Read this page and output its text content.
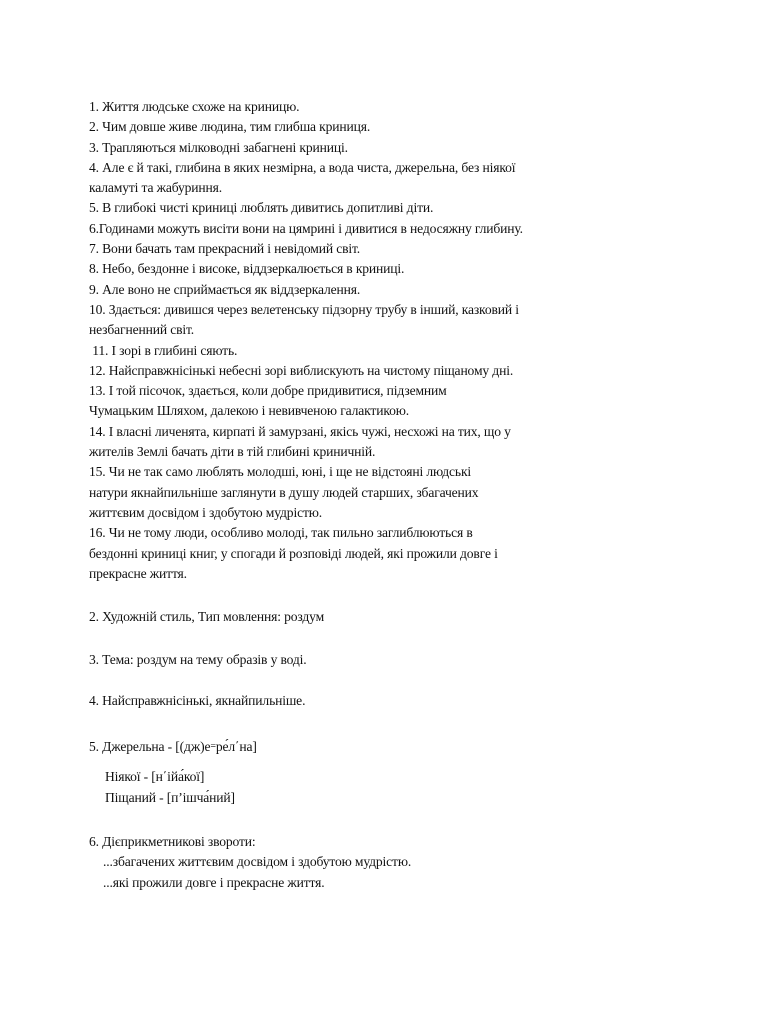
1. Життя людське схоже на криницю.
2. Чим довше живе людина, тим глибша криниця.
3. Трапляються мілководні забагнені криниці.
4. Але є й такі, глибина в яких незмірна, а вода чиста, джерельна, без ніякої
каламуті та жабуриння.
5. В глибокі чисті криниці люблять дивитись допитливі діти.
6.Годинами можуть висіти вони на цямрині і дивитися в недосяжну глибину.
7. Вони бачать там прекрасний і невідомий світ.
8. Небо, бездонне і високе, віддзеркалюється в криниці.
9. Але воно не сприймається як віддзеркалення.
10. Здається: дивишся через велетенську підзорну трубу в інший, казковий і
незбагненний світ.
11. І зорі в глибині сяють.
12. Найсправжнісінькі небесні зорі виблискують на чистому піщаному дні.
13. І той пісочок, здається, коли добре придивитися, підземним
Чумацьким Шляхом, далекою і невивченою галактикою.
14. І власні личенята, кирпаті й замурзані, якісь чужі, несхожі на тих, що у
жителів Землі бачать діти в тій глибині криничній.
15. Чи не так само люблять молодші, юні, і ще не відстояні людські
натури якнайпильніше заглянути в душу людей старших, збагачених
життєвим досвідом і здобутою мудрістю.
16. Чи не тому люди, особливо молоді, так пильно заглиблюються в
бездонні криниці книг, у спогади й розповіді людей, які прожили довге і
прекрасне життя.
2. Художній стиль, Тип мовлення: роздум
3. Тема: роздум на тему образів у воді.
4. Найсправжнісінькі, якнайпильніше.
5. Джерельна - [(дж)е=ре́л΄на]
Ніякої - [н΄ійа́кої]
Піщаний - [п’ішча́ний]
6. Дієприкметникові звороти:
...збагачених життєвим досвідом і здобутою мудрістю.
...які прожили довге і прекрасне життя.
